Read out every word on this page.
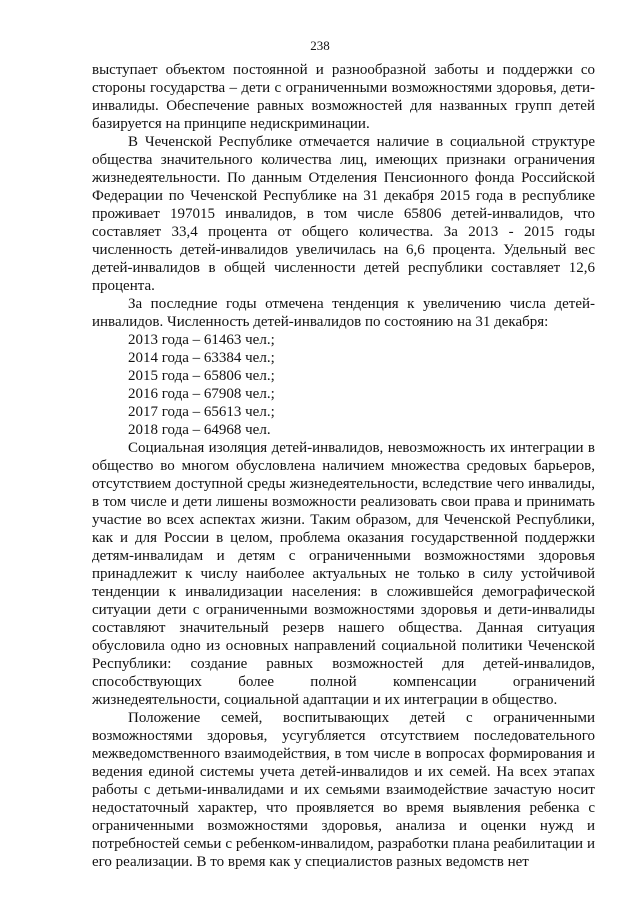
238

выступает объектом постоянной и разнообразной заботы и поддержки со стороны государства – дети с ограниченными возможностями здоровья, дети-инвалиды. Обеспечение равных возможностей для названных групп детей базируется на принципе недискриминации.

В Чеченской Республике отмечается наличие в социальной структуре общества значительного количества лиц, имеющих признаки ограничения жизнедеятельности. По данным Отделения Пенсионного фонда Российской Федерации по Чеченской Республике на 31 декабря 2015 года в республике проживает 197015 инвалидов, в том числе 65806 детей-инвалидов, что составляет 33,4 процента от общего количества. За 2013 - 2015 годы численность детей-инвалидов увеличилась на 6,6 процента. Удельный вес детей-инвалидов в общей численности детей республики составляет 12,6 процента.

За последние годы отмечена тенденция к увеличению числа детей-инвалидов. Численность детей-инвалидов по состоянию на 31 декабря:

2013 года – 61463 чел.;

2014 года – 63384 чел.;

2015 года – 65806 чел.;

2016 года – 67908 чел.;

2017 года – 65613 чел.;

2018 года – 64968 чел.

Социальная изоляция детей-инвалидов, невозможность их интеграции в общество во многом обусловлена наличием множества средовых барьеров, отсутствием доступной среды жизнедеятельности, вследствие чего инвалиды, в том числе и дети лишены возможности реализовать свои права и принимать участие во всех аспектах жизни. Таким образом, для Чеченской Республики, как и для России в целом, проблема оказания государственной поддержки детям-инвалидам и детям с ограниченными возможностями здоровья принадлежит к числу наиболее актуальных не только в силу устойчивой тенденции к инвалидизации населения: в сложившейся демографической ситуации дети с ограниченными возможностями здоровья и дети-инвалиды составляют значительный резерв нашего общества. Данная ситуация обусловила одно из основных направлений социальной политики Чеченской Республики: создание равных возможностей для детей-инвалидов, способствующих более полной компенсации ограничений жизнедеятельности, социальной адаптации и их интеграции в общество.

Положение семей, воспитывающих детей с ограниченными возможностями здоровья, усугубляется отсутствием последовательного межведомственного взаимодействия, в том числе в вопросах формирования и ведения единой системы учета детей-инвалидов и их семей. На всех этапах работы с детьми-инвалидами и их семьями взаимодействие зачастую носит недостаточный характер, что проявляется во время выявления ребенка с ограниченными возможностями здоровья, анализа и оценки нужд и потребностей семьи с ребенком-инвалидом, разработки плана реабилитации и его реализации. В то время как у специалистов разных ведомств нет
